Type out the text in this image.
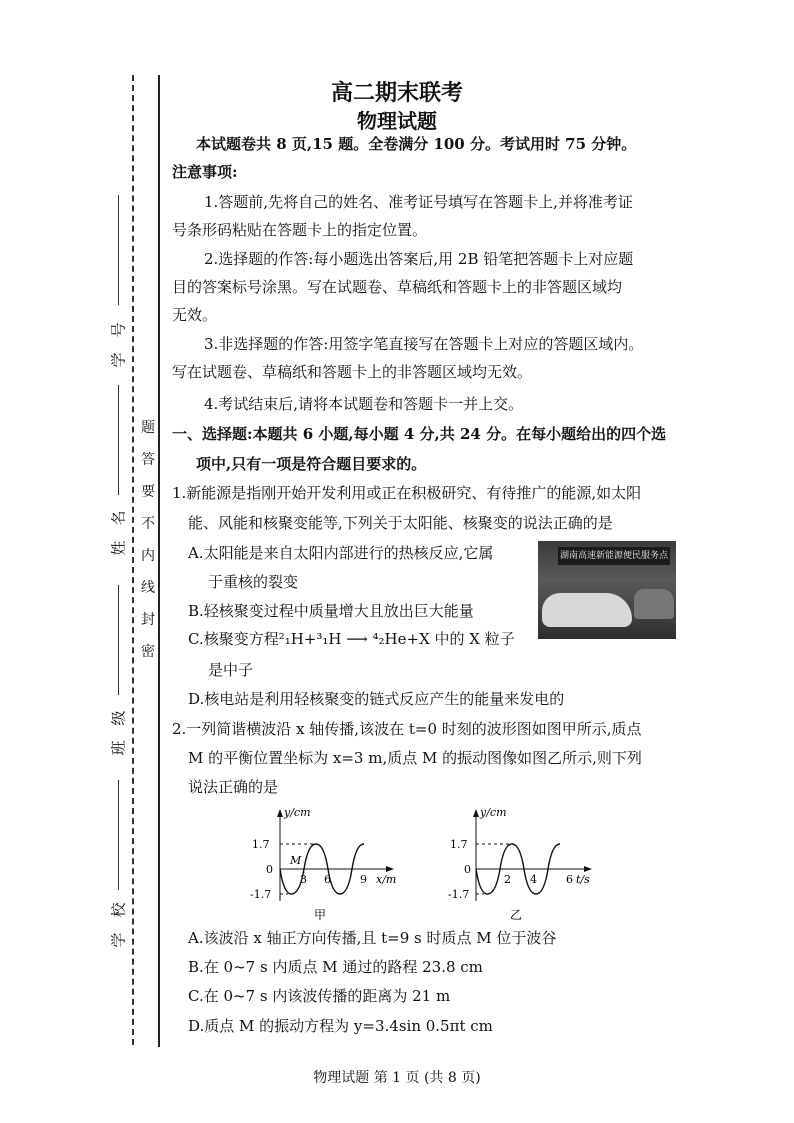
学　号
姓　名
班　级
学　校
题
答
要
不
内
线
封
密
高二期末联考
物理试题
本试题卷共 8 页,15 题。全卷满分 100 分。考试用时 75 分钟。
注意事项:
1.答题前,先将自己的姓名、准考证号填写在答题卡上,并将准考证
号条形码粘贴在答题卡上的指定位置。
2.选择题的作答:每小题选出答案后,用 2B 铅笔把答题卡上对应题
目的答案标号涂黑。写在试题卷、草稿纸和答题卡上的非答题区域均
无效。
3.非选择题的作答:用签字笔直接写在答题卡上对应的答题区域内。
写在试题卷、草稿纸和答题卡上的非答题区域均无效。
4.考试结束后,请将本试题卷和答题卡一并上交。
一、选择题:本题共 6 小题,每小题 4 分,共 24 分。在每小题给出的四个选
项中,只有一项是符合题目要求的。
1.新能源是指刚开始开发利用或正在积极研究、有待推广的能源,如太阳
能、风能和核聚变能等,下列关于太阳能、核聚变的说法正确的是
A.太阳能是来自太阳内部进行的热核反应,它属
于重核的裂变
B.轻核聚变过程中质量增大且放出巨大能量
C.核聚变方程²₁H+³₁H ⟶ ⁴₂He+X 中的 X 粒子
是中子
D.核电站是利用轻核聚变的链式反应产生的能量来发电的
湖南高速新能源便民服务点
2.一列简谐横波沿 x 轴传播,该波在 t=0 时刻的波形图如图甲所示,质点
M 的平衡位置坐标为 x=3 m,质点 M 的振动图像如图乙所示,则下列
说法正确的是
y/cm
1.7
0
-1.7
M
3 6	9 x/m
甲
y/cm
1.7
0
-1.7
2 4	6 t/s
乙
A.该波沿 x 轴正方向传播,且 t=9 s 时质点 M 位于波谷
B.在 0~7 s 内质点 M 通过的路程 23.8 cm
C.在 0~7 s 内该波传播的距离为 21 m
D.质点 M 的振动方程为 y=3.4sin 0.5πt cm
物理试题 第 1 页 (共 8 页)
